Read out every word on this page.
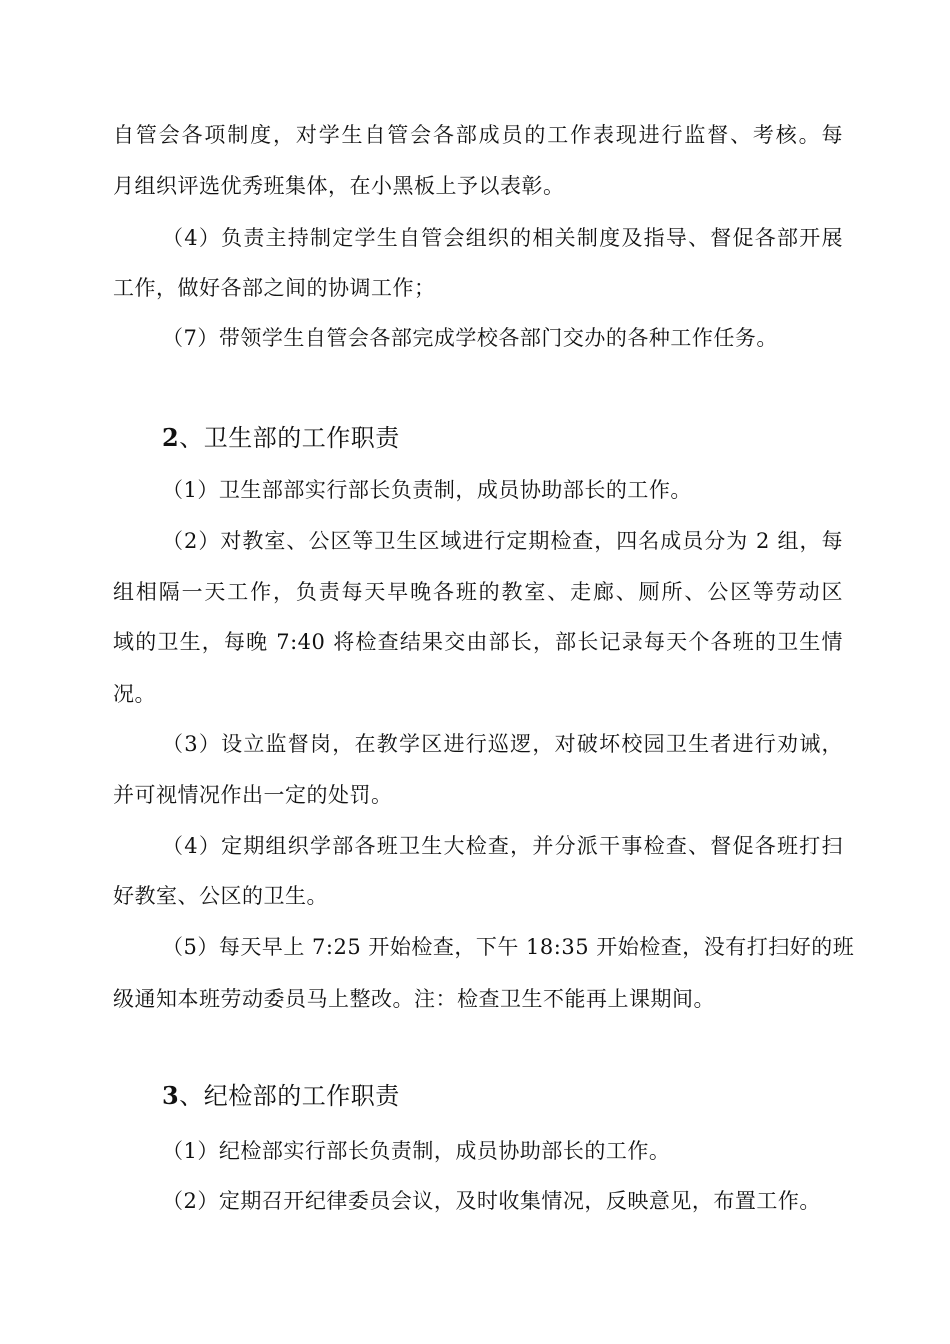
自管会各项制度，对学生自管会各部成员的工作表现进行监督、考核。每
月组织评选优秀班集体，在小黑板上予以表彰。
（4）负责主持制定学生自管会组织的相关制度及指导、督促各部开展
工作，做好各部之间的协调工作；
（7）带领学生自管会各部完成学校各部门交办的各种工作任务。
2、卫生部的工作职责
（1）卫生部部实行部长负责制，成员协助部长的工作。
（2）对教室、公区等卫生区域进行定期检查，四名成员分为 2 组，每
组相隔一天工作，负责每天早晚各班的教室、走廊、厕所、公区等劳动区
域的卫生，每晚 7:40 将检查结果交由部长，部长记录每天个各班的卫生情
况。
（3）设立监督岗，在教学区进行巡逻，对破坏校园卫生者进行劝诫，
并可视情况作出一定的处罚。
（4）定期组织学部各班卫生大检查，并分派干事检查、督促各班打扫
好教室、公区的卫生。
（5）每天早上 7:25 开始检查，下午 18:35 开始检查，没有打扫好的班
级通知本班劳动委员马上整改。注：检查卫生不能再上课期间。
3、纪检部的工作职责
（1）纪检部实行部长负责制，成员协助部长的工作。
（2）定期召开纪律委员会议，及时收集情况，反映意见，布置工作。
